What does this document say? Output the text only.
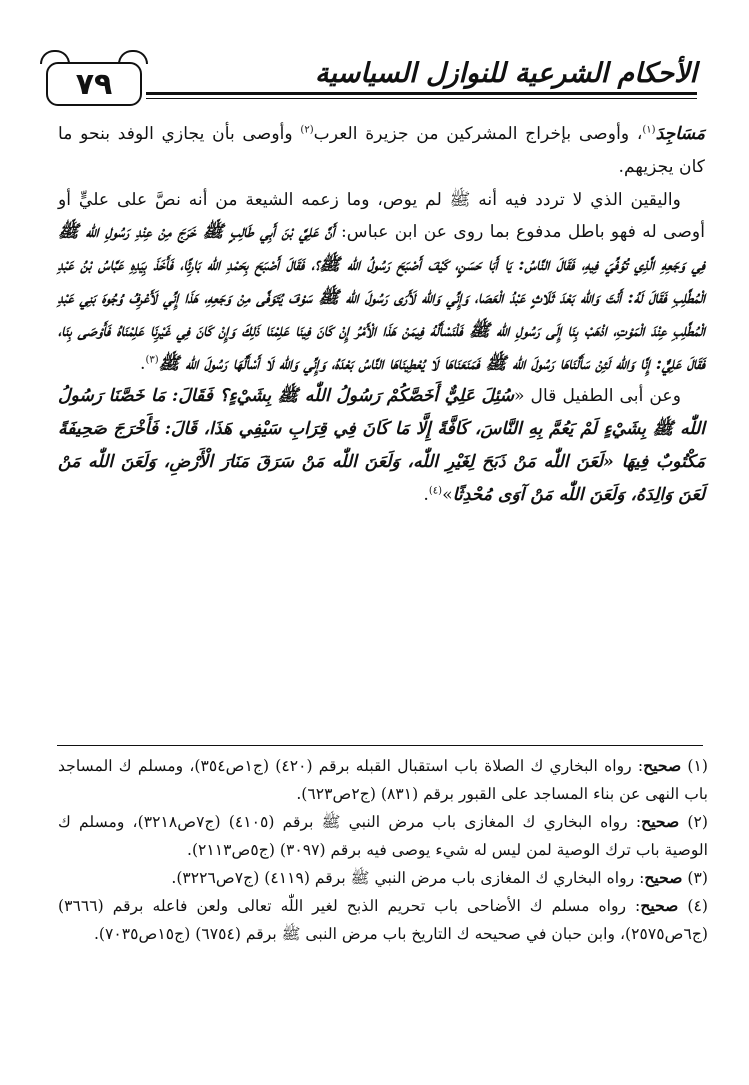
٧٩	الأحكام الشرعية للنوازل السياسية

مَسَاجِدَ$^{(١)}$، وأوصى بإخراج المشركين من جزيرة العرب$^{(٢)}$ وأوصى بأن يجازي الوفد بنحو ما كان يجزيهم.

واليقين الذي لا تردد فيه أنه ﷺ لم يوص، وما زعمه الشيعة من أنه نصَّ على عليٍّ أو أوصى له فهو باطل مدفوع بما روى عن ابن عباس: أَنَّ عَلِيَّ بْنَ أَبِي طَالِبٍ ﷺ خَرَجَ مِنْ عِنْدِ رَسُولِ اللّٰه ﷺ فِي وَجَعِهِ الَّذِي تُوُفِّيَ فِيهِ، فَقَالَ النَّاسُ: يَا أَبَا حَسَنٍ، كَيْفَ أَصْبَحَ رَسُولُ اللّٰه ﷺ؟، فَقَالَ أَصْبَحَ بِحَمْدِ اللّٰه بَارِئًا، فَأَخَذَ بِيَدِهِ عَبَّاسُ بْنُ عَبْدِ الْمُطَّلِبِ فَقَالَ لَهُ: أَنْتَ وَاللّٰه بَعْدَ ثَلَاثٍ عَبْدُ الْعَصَا، وَإِنِّي وَاللّٰه لَأَرَى رَسُولَ اللّٰه ﷺ سَوْفَ يُتَوَفَّى مِنْ وَجَعِهِ، هَذَا إِنِّي لَأَعْرِفُ وُجُوهَ بَنِي عَبْدِ الْمُطَّلِبِ عِنْدَ الْمَوْتِ، اذْهَبْ بِنَا إِلَى رَسُولِ اللّٰه ﷺ فَلْنَسْأَلْهُ فِيمَنْ هَذَا الْأَمْرُ إِنْ كَانَ فِينَا عَلِمْنَا ذَلِكَ وَإِنْ كَانَ فِي غَيْرِنَا عَلِمْنَاهُ فَأَوْصَى بِنَا، فَقَالَ عَلِيٌّ: إِنَّا وَاللّٰه لَئِنْ سَأَلْنَاهَا رَسُولَ اللّٰه ﷺ فَمَنَعَنَاهَا لَا يُعْطِينَاهَا النَّاسُ بَعْدَهُ، وَإِنِّي وَاللّٰه لَا أَسْأَلُهَا رَسُولَ اللّٰه ﷺ$^{(٣)}$.

وعن أبى الطفيل قال «سُئِلَ عَلِيٌّ أَخَصَّكُمْ رَسُولُ اللّٰه ﷺ بِشَيْءٍ؟ فَقَالَ: مَا خَصَّنَا رَسُولُ اللّٰه ﷺ بِشَيْءٍ لَمْ يَعُمَّ بِهِ النَّاسَ، كَافَّةً إِلَّا مَا كَانَ فِي قِرَابِ سَيْفِي هَذَا، قَالَ: فَأَخْرَجَ صَحِيفَةً مَكْتُوبٌ فِيهَا «لَعَنَ اللّٰه مَنْ ذَبَحَ لِغَيْرِ اللّٰه، وَلَعَنَ اللّٰه مَنْ سَرَقَ مَنَارَ الْأَرْضِ، وَلَعَنَ اللّٰه مَنْ لَعَنَ وَالِدَهُ، وَلَعَنَ اللّٰه مَنْ آوَى مُحْدِثًا»$^{(٤)}$.

(١) صحيح: رواه البخاري ك الصلاة باب استقبال القبله برقم (٤٢٠) (ج١ص٣٥٤)، ومسلم ك المساجد باب النهى عن بناء المساجد على القبور برقم (٨٣١) (ج٢ص٦٢٣).

(٢) صحيح: رواه البخاري ك المغازى باب مرض النبي ﷺ برقم (٤١٠٥) (ج٧ص٣٢١٨)، ومسلم ك الوصية باب ترك الوصية لمن ليس له شيء يوصى فيه برقم (٣٠٩٧) (ج٥ص٢١١٣).

(٣) صحيح: رواه البخاري ك المغازى باب مرض النبي ﷺ برقم (٤١١٩) (ج٧ص٣٢٢٦).

(٤) صحيح: رواه مسلم ك الأضاحى باب تحريم الذبح لغير اللّٰه تعالى ولعن فاعله برقم (٣٦٦٦) (ج٦ص٢٥٧٥)، وابن حبان في صحيحه ك التاريخ باب مرض النبى ﷺ برقم (٦٧٥٤) (ج١٥ص٧٠٣٥).
